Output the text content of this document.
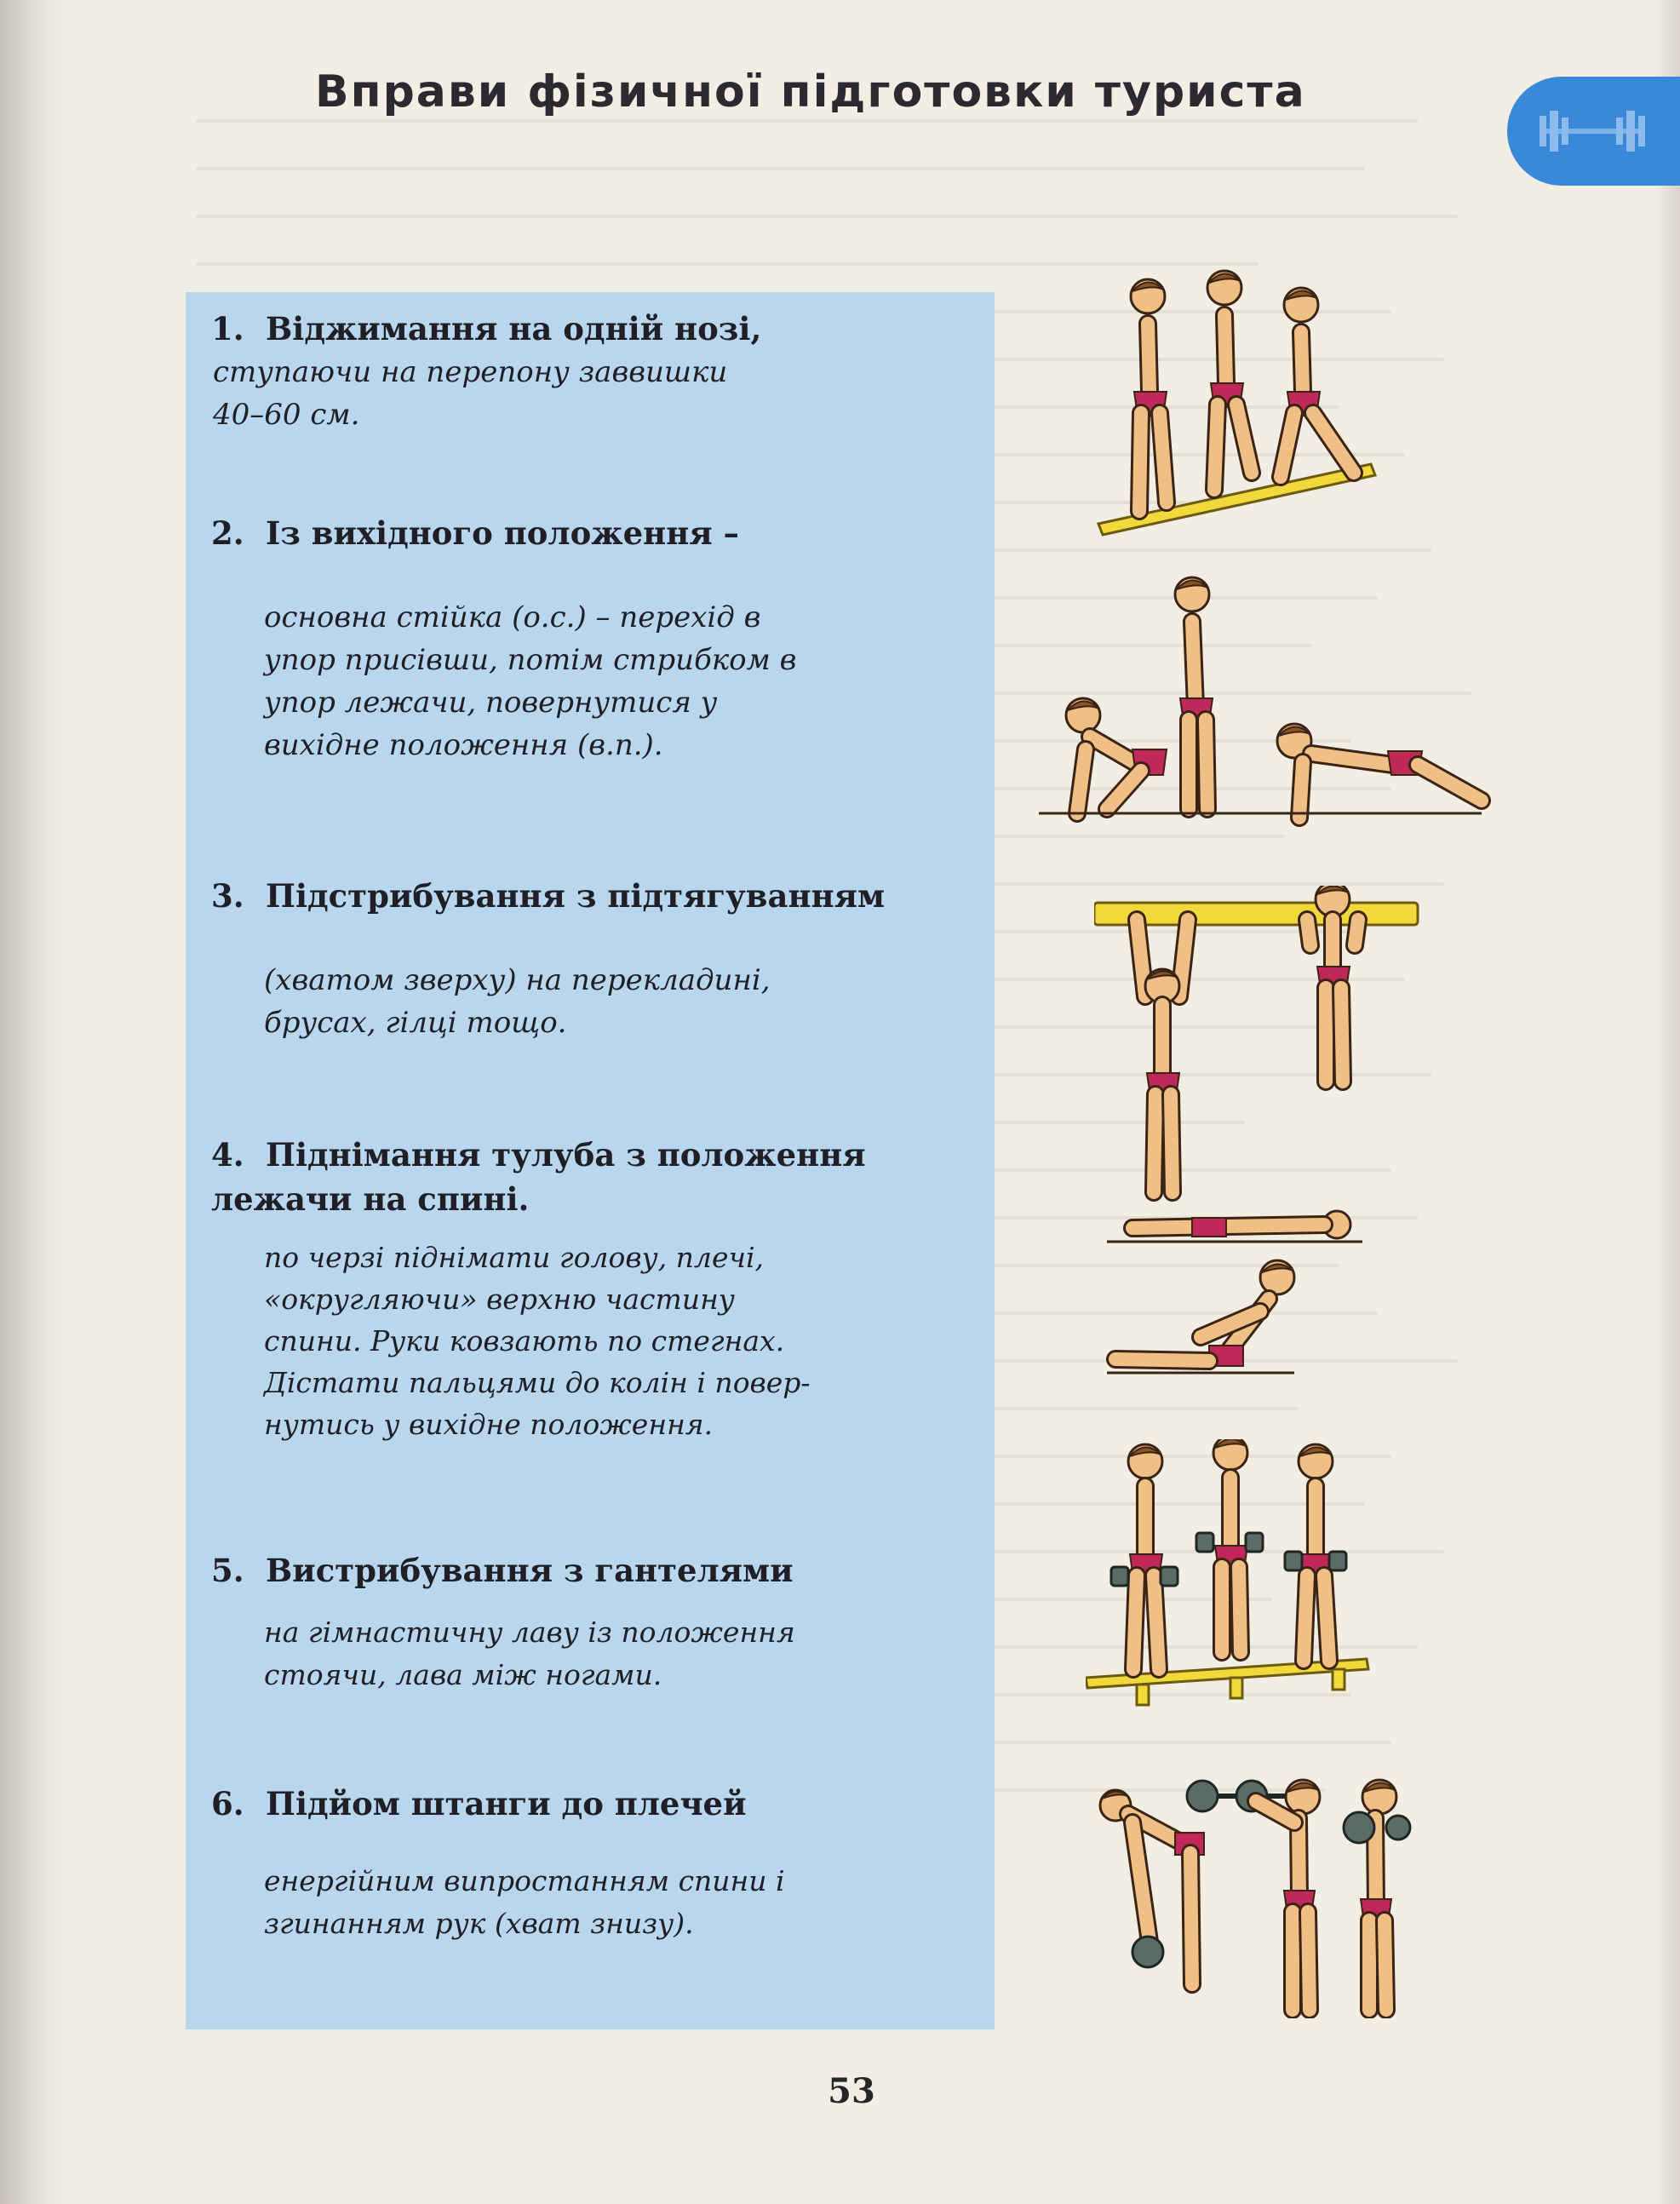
Вправи фізичної підготовки туриста
1. Віджимання на одній нозі,
ступаючи на перепону заввишки
40–60 см.
2. Із вихідного положення –
основна стійка (о.с.) – перехід в
упор присівши, потім стрибком в
упор лежачи, повернутися у
вихідне положення (в.п.).
3. Підстрибування з підтягуванням
(хватом зверху) на перекладині,
брусах, гілці тощо.
4. Піднімання тулуба з положення
лежачи на спині.
по черзі піднімати голову, плечі,
«округляючи» верхню частину
спини. Руки ковзають по стегнах.
Дістати пальцями до колін і повер-
нутись у вихідне положення.
5. Вистрибування з гантелями
на гімнастичну лаву із положення
стоячи, лава між ногами.
6. Підйом штанги до плечей
енергійним випростанням спини і
згинанням рук (хват знизу).
53
